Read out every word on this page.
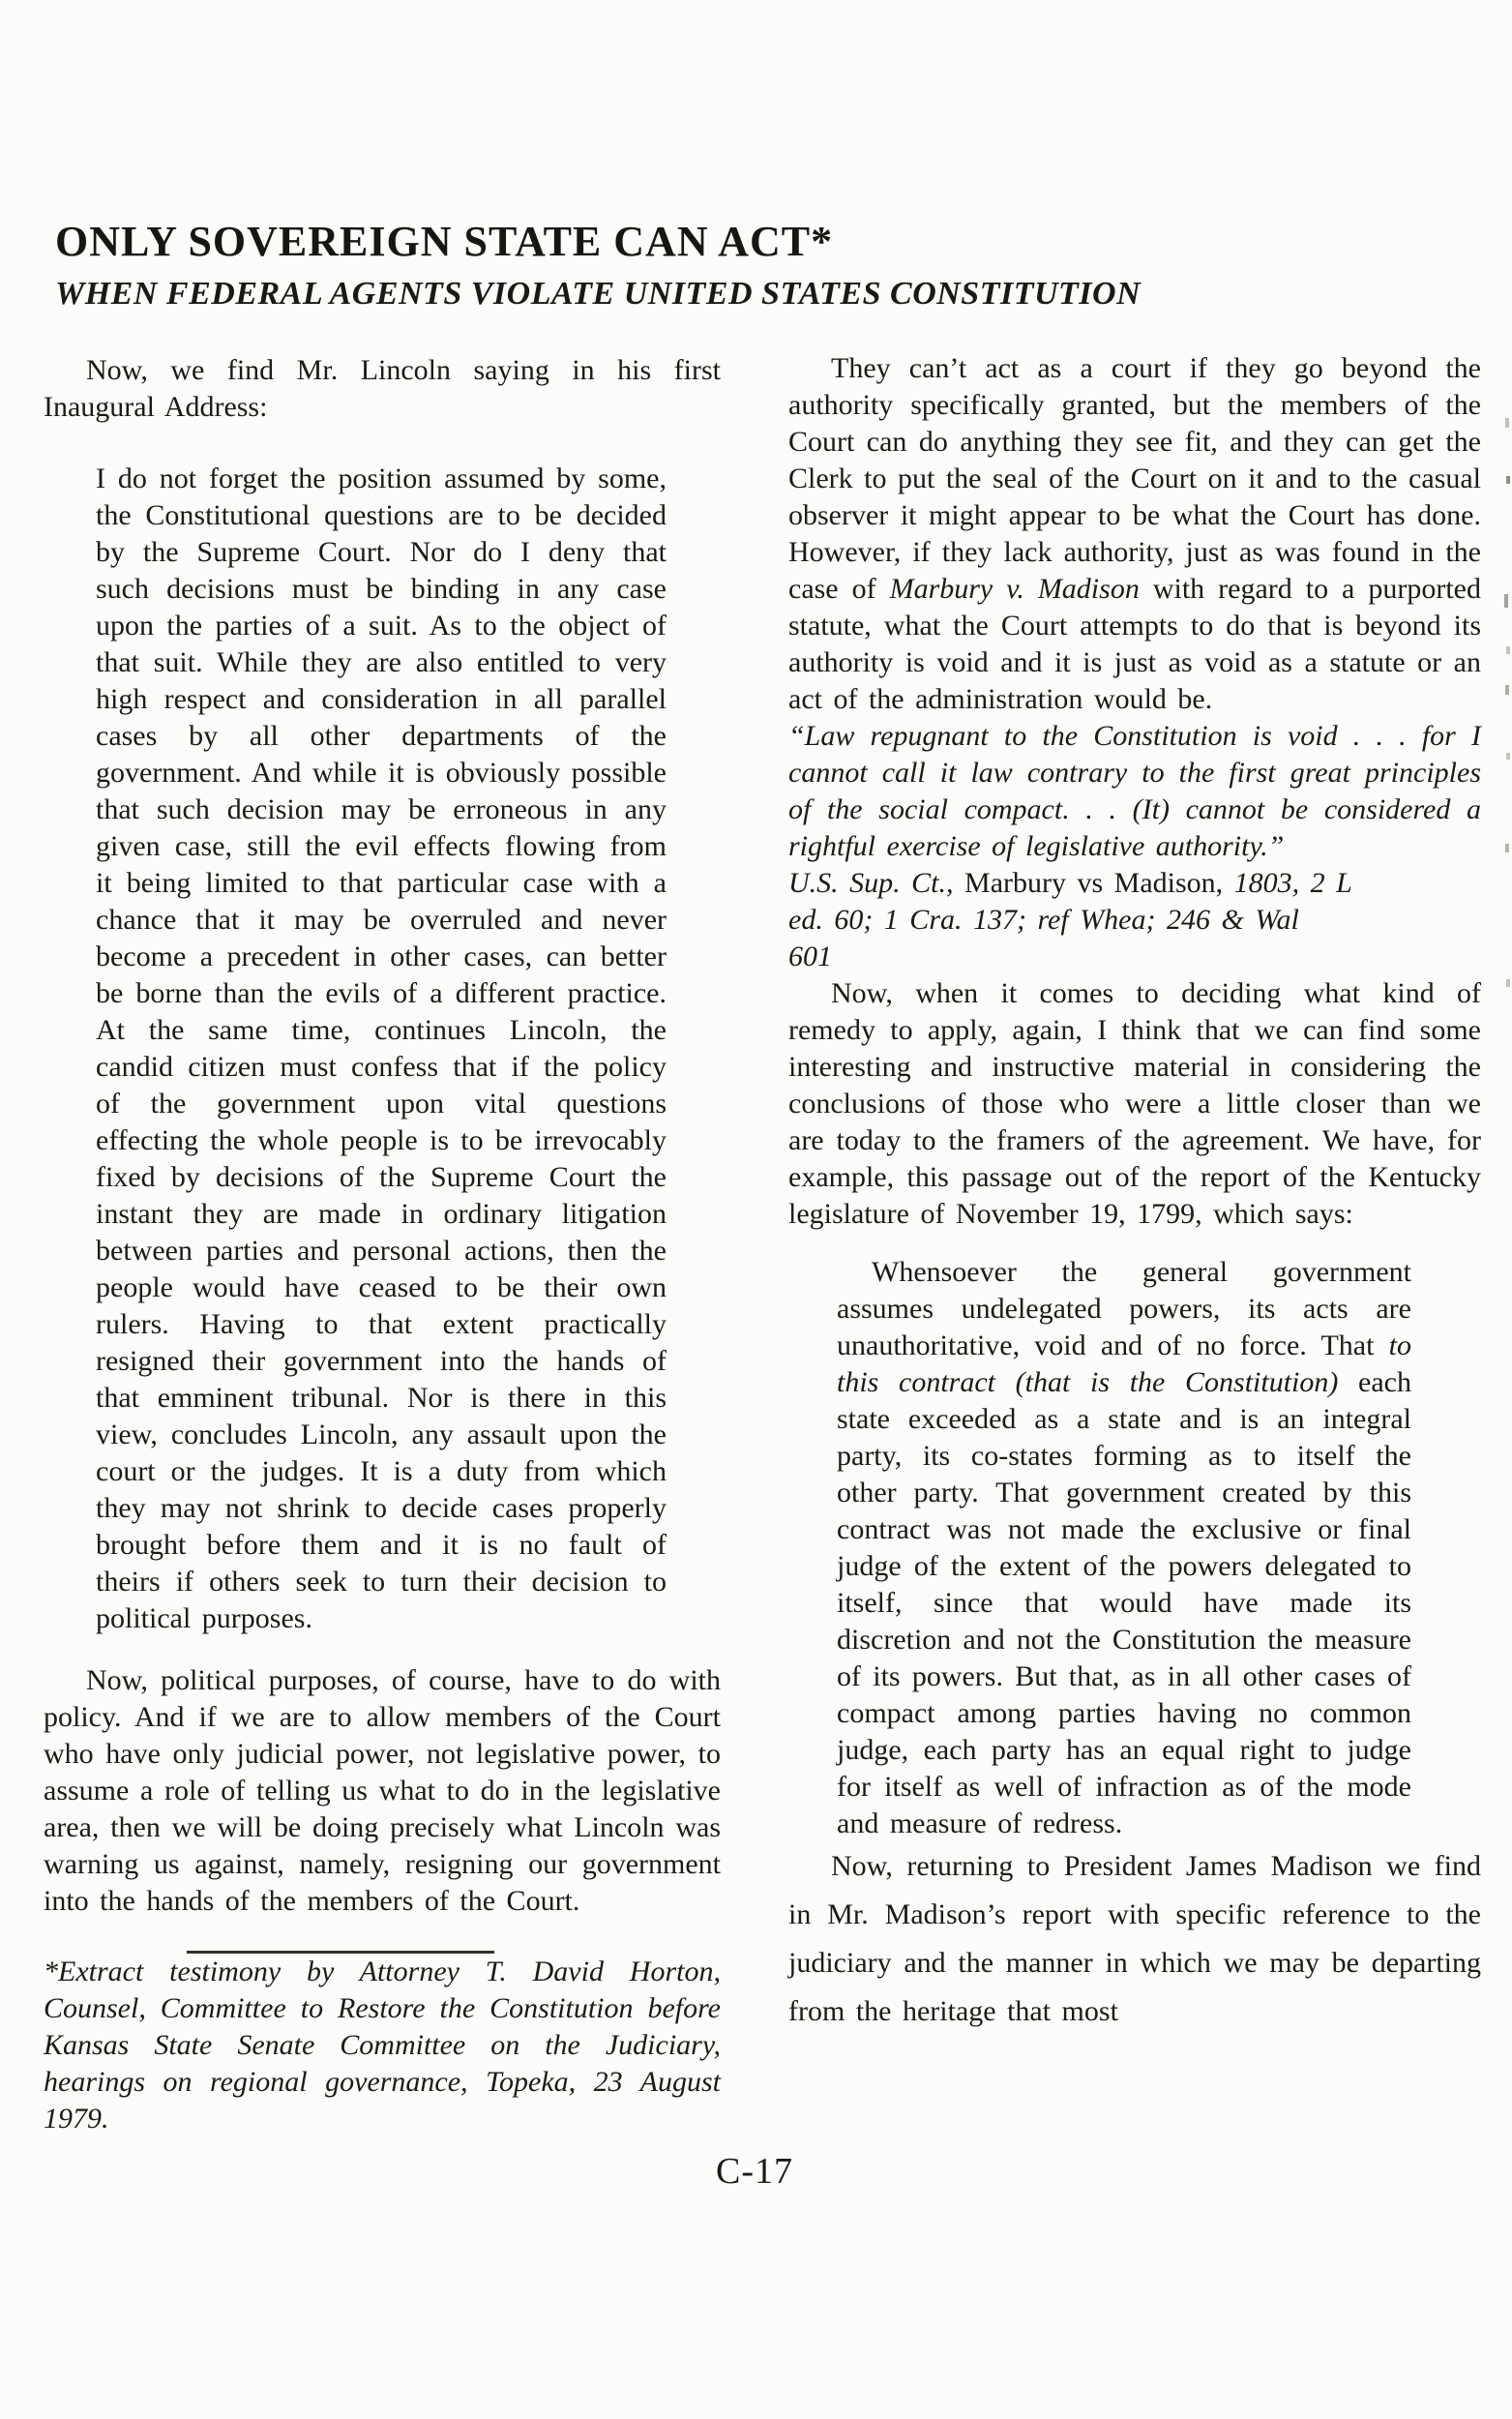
ONLY SOVEREIGN STATE CAN ACT*
WHEN FEDERAL AGENTS VIOLATE UNITED STATES CONSTITUTION

Now, we find Mr. Lincoln saying in his first Inaugural Address:

I do not forget the position assumed by some, the Constitutional questions are to be decided by the Supreme Court. Nor do I deny that such decisions must be binding in any case upon the parties of a suit. As to the object of that suit. While they are also entitled to very high respect and consideration in all parallel cases by all other departments of the government. And while it is obviously possible that such decision may be erroneous in any given case, still the evil effects flowing from it being limited to that particular case with a chance that it may be overruled and never become a precedent in other cases, can better be borne than the evils of a different practice. At the same time, continues Lincoln, the candid citizen must confess that if the policy of the government upon vital questions effecting the whole people is to be irrevocably fixed by decisions of the Supreme Court the instant they are made in ordinary litigation between parties and personal actions, then the people would have ceased to be their own rulers. Having to that extent practically resigned their government into the hands of that emminent tribunal. Nor is there in this view, concludes Lincoln, any assault upon the court or the judges. It is a duty from which they may not shrink to decide cases properly brought before them and it is no fault of theirs if others seek to turn their decision to political purposes.

Now, political purposes, of course, have to do with policy. And if we are to allow members of the Court who have only judicial power, not legislative power, to assume a role of telling us what to do in the legislative area, then we will be doing precisely what Lincoln was warning us against, namely, resigning our government into the hands of the members of the Court.

*Extract testimony by Attorney T. David Horton, Counsel, Committee to Restore the Constitution before Kansas State Senate Committee on the Judiciary, hearings on regional governance, Topeka, 23 August 1979.

They can’t act as a court if they go beyond the authority specifically granted, but the members of the Court can do anything they see fit, and they can get the Clerk to put the seal of the Court on it and to the casual observer it might appear to be what the Court has done. However, if they lack authority, just as was found in the case of Marbury v. Madison with regard to a purported statute, what the Court attempts to do that is beyond its authority is void and it is just as void as a statute or an act of the administration would be.

“Law repugnant to the Constitution is void . . . for I cannot call it law contrary to the first great principles of the social compact. . . (It) cannot be considered a rightful exercise of legislative authority.”

U.S. Sup. Ct., Marbury vs Madison, 1803, 2 L ed. 60; 1 Cra. 137; ref Whea; 246 & Wal 601

Now, when it comes to deciding what kind of remedy to apply, again, I think that we can find some interesting and instructive material in considering the conclusions of those who were a little closer than we are today to the framers of the agreement. We have, for example, this passage out of the report of the Kentucky legislature of November 19, 1799, which says:

Whensoever the general government assumes undelegated powers, its acts are unauthoritative, void and of no force. That to this contract (that is the Constitution) each state exceeded as a state and is an integral party, its co-states forming as to itself the other party. That government created by this contract was not made the exclusive or final judge of the extent of the powers delegated to itself, since that would have made its discretion and not the Constitution the measure of its powers. But that, as in all other cases of compact among parties having no common judge, each party has an equal right to judge for itself as well of infraction as of the mode and measure of redress.

Now, returning to President James Madison we find in Mr. Madison’s report with specific reference to the judiciary and the manner in which we may be departing from the heritage that most

C-17
